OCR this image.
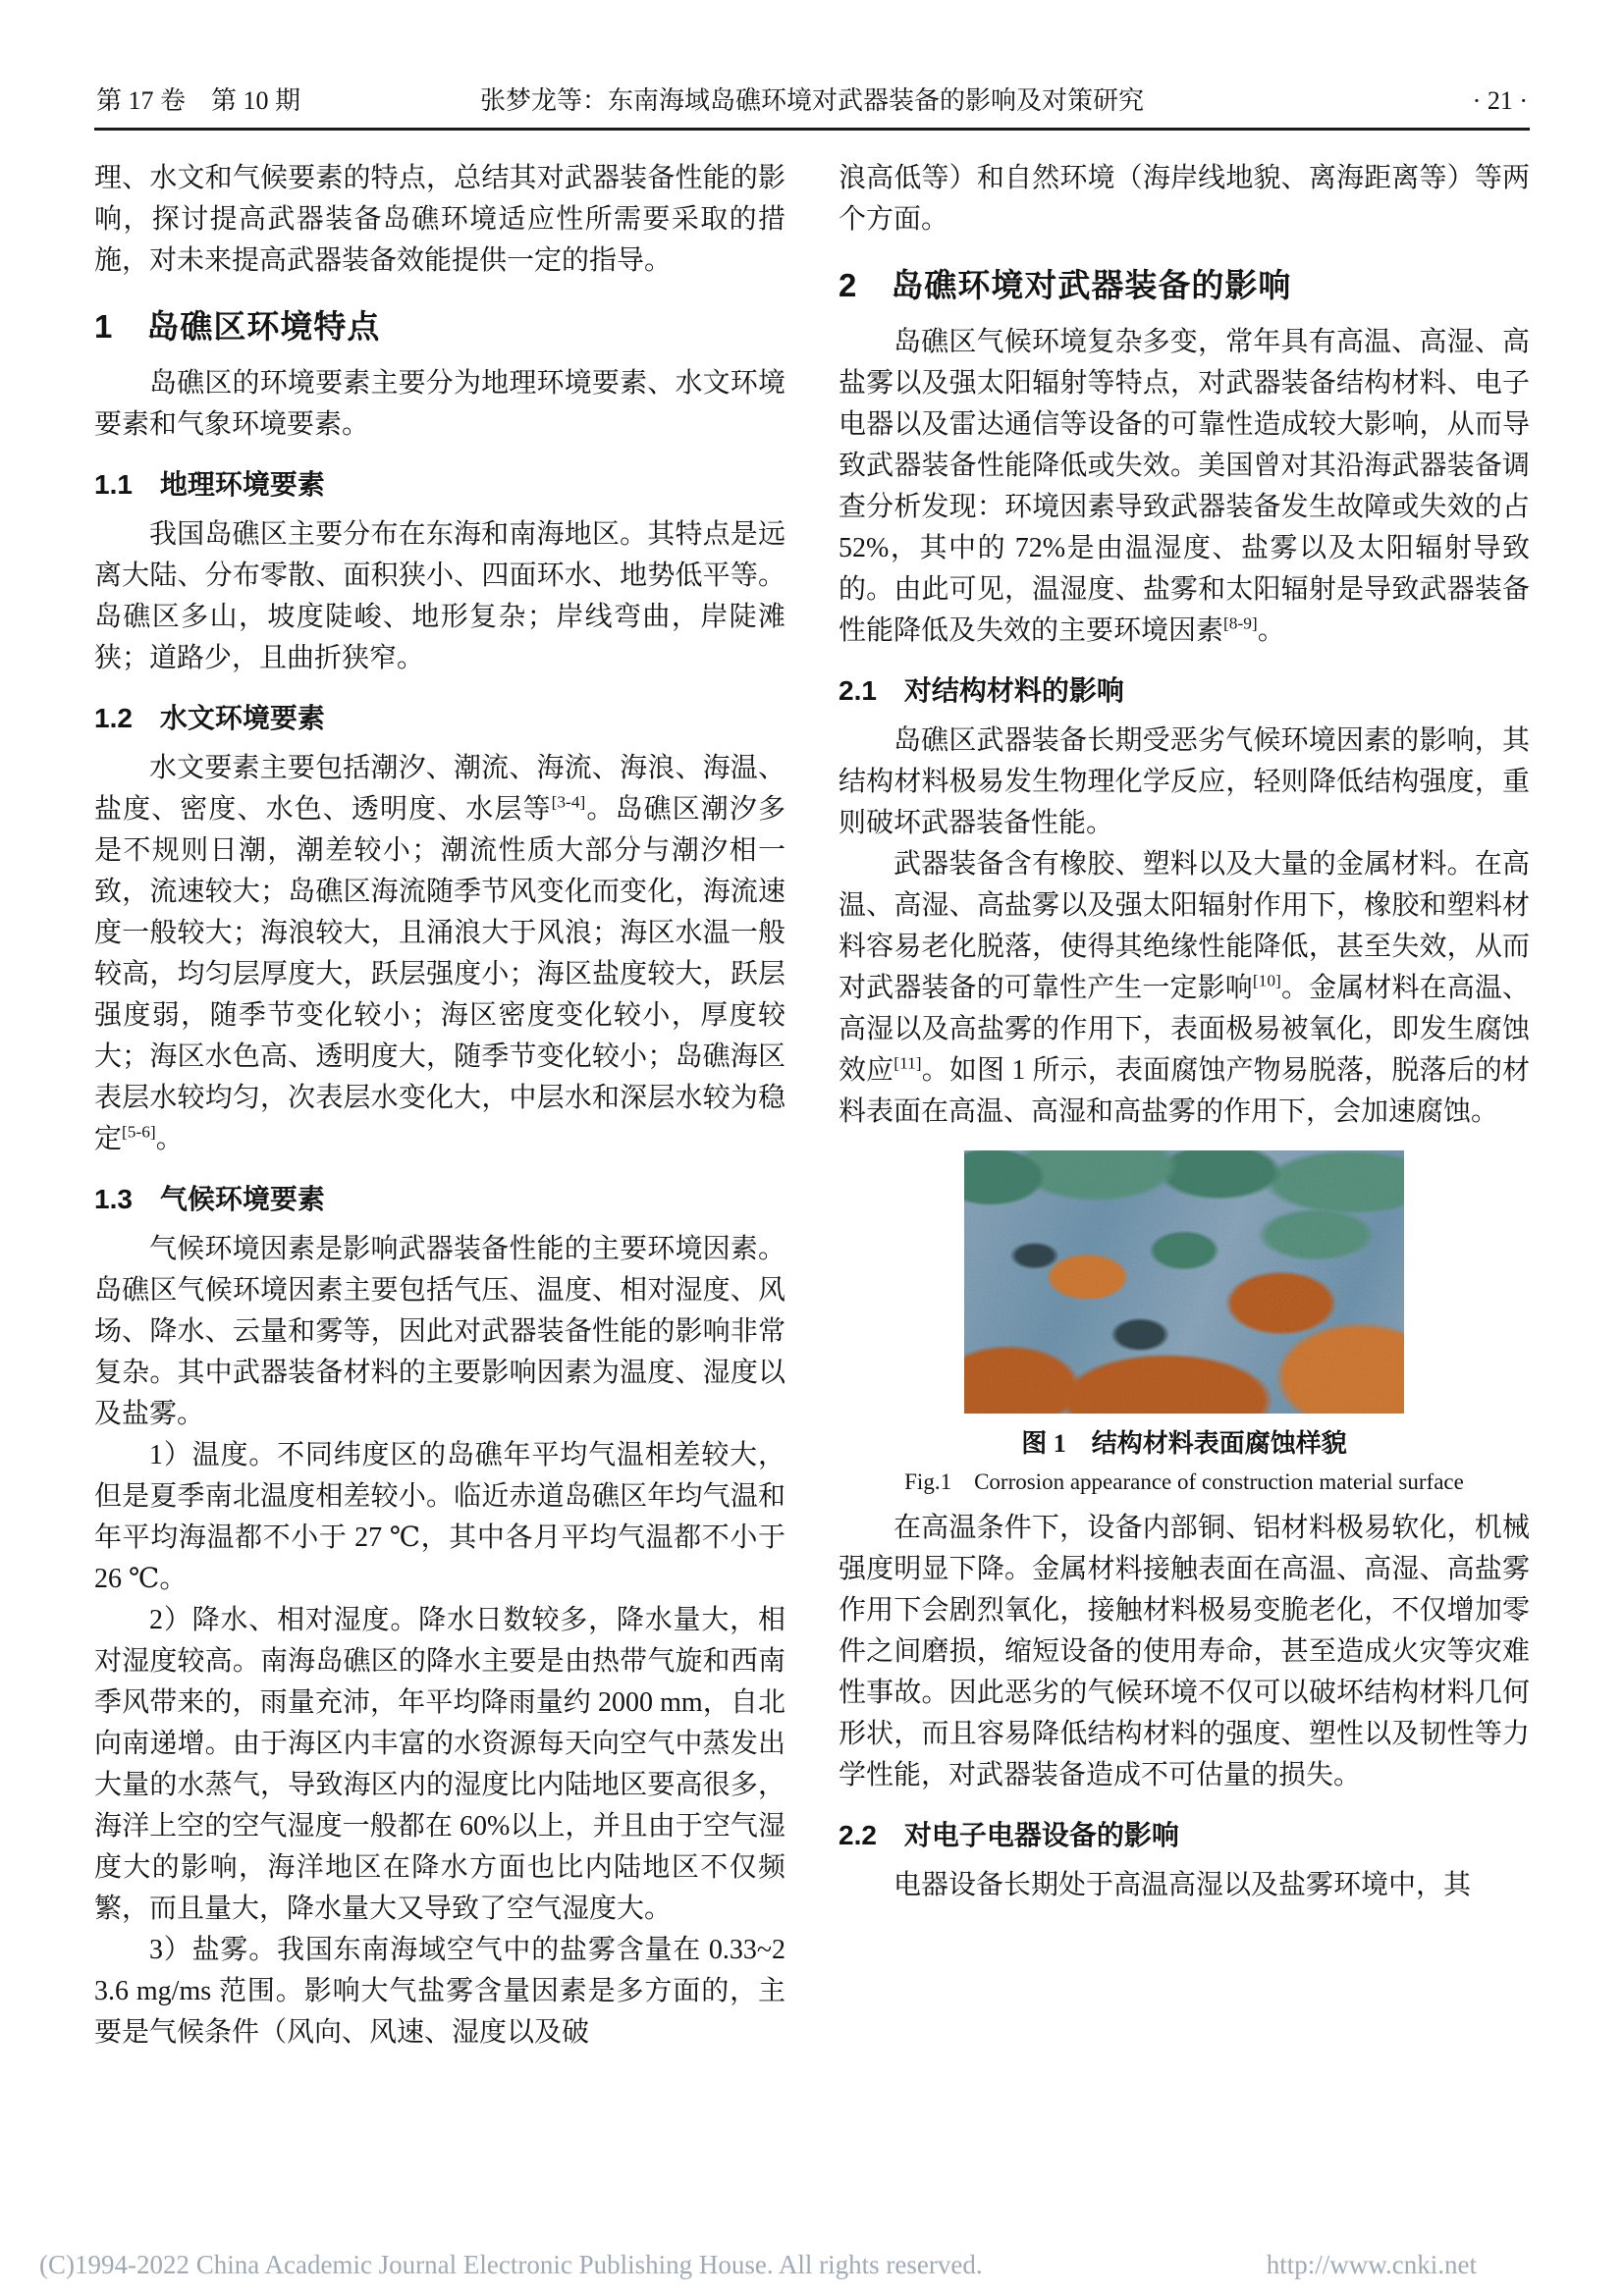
第 17 卷　第 10 期	张梦龙等：东南海域岛礁环境对武器装备的影响及对策研究	· 21 ·

理、水文和气候要素的特点，总结其对武器装备性能的影响，探讨提高武器装备岛礁环境适应性所需要采取的措施，对未来提高武器装备效能提供一定的指导。

1　岛礁区环境特点

岛礁区的环境要素主要分为地理环境要素、水文环境要素和气象环境要素。

1.1　地理环境要素

我国岛礁区主要分布在东海和南海地区。其特点是远离大陆、分布零散、面积狭小、四面环水、地势低平等。岛礁区多山，坡度陡峻、地形复杂；岸线弯曲，岸陡滩狭；道路少，且曲折狭窄。

1.2　水文环境要素

水文要素主要包括潮汐、潮流、海流、海浪、海温、盐度、密度、水色、透明度、水层等[3-4]。岛礁区潮汐多是不规则日潮，潮差较小；潮流性质大部分与潮汐相一致，流速较大；岛礁区海流随季节风变化而变化，海流速度一般较大；海浪较大，且涌浪大于风浪；海区水温一般较高，均匀层厚度大，跃层强度小；海区盐度较大，跃层强度弱，随季节变化较小；海区密度变化较小，厚度较大；海区水色高、透明度大，随季节变化较小；岛礁海区表层水较均匀，次表层水变化大，中层水和深层水较为稳定[5-6]。

1.3　气候环境要素

气候环境因素是影响武器装备性能的主要环境因素。岛礁区气候环境因素主要包括气压、温度、相对湿度、风场、降水、云量和雾等，因此对武器装备性能的影响非常复杂。其中武器装备材料的主要影响因素为温度、湿度以及盐雾。

1）温度。不同纬度区的岛礁年平均气温相差较大，但是夏季南北温度相差较小。临近赤道岛礁区年均气温和年平均海温都不小于 27 ℃，其中各月平均气温都不小于 26 ℃。

2）降水、相对湿度。降水日数较多，降水量大，相对湿度较高。南海岛礁区的降水主要是由热带气旋和西南季风带来的，雨量充沛，年平均降雨量约 2000 mm，自北向南递增。由于海区内丰富的水资源每天向空气中蒸发出大量的水蒸气，导致海区内的湿度比内陆地区要高很多，海洋上空的空气湿度一般都在 60%以上，并且由于空气湿度大的影响，海洋地区在降水方面也比内陆地区不仅频繁，而且量大，降水量大又导致了空气湿度大。

3）盐雾。我国东南海域空气中的盐雾含量在 0.33~23.6 mg/ms 范围。影响大气盐雾含量因素是多方面的，主要是气候条件（风向、风速、湿度以及破

浪高低等）和自然环境（海岸线地貌、离海距离等）等两个方面。

2　岛礁环境对武器装备的影响

岛礁区气候环境复杂多变，常年具有高温、高湿、高盐雾以及强太阳辐射等特点，对武器装备结构材料、电子电器以及雷达通信等设备的可靠性造成较大影响，从而导致武器装备性能降低或失效。美国曾对其沿海武器装备调查分析发现：环境因素导致武器装备发生故障或失效的占 52%，其中的 72%是由温湿度、盐雾以及太阳辐射导致的。由此可见，温湿度、盐雾和太阳辐射是导致武器装备性能降低及失效的主要环境因素[8-9]。

2.1　对结构材料的影响

岛礁区武器装备长期受恶劣气候环境因素的影响，其结构材料极易发生物理化学反应，轻则降低结构强度，重则破坏武器装备性能。

武器装备含有橡胶、塑料以及大量的金属材料。在高温、高湿、高盐雾以及强太阳辐射作用下，橡胶和塑料材料容易老化脱落，使得其绝缘性能降低，甚至失效，从而对武器装备的可靠性产生一定影响[10]。金属材料在高温、高湿以及高盐雾的作用下，表面极易被氧化，即发生腐蚀效应[11]。如图 1 所示，表面腐蚀产物易脱落，脱落后的材料表面在高温、高湿和高盐雾的作用下，会加速腐蚀。

图 1　结构材料表面腐蚀样貌
Fig.1　Corrosion appearance of construction material surface

在高温条件下，设备内部铜、铝材料极易软化，机械强度明显下降。金属材料接触表面在高温、高湿、高盐雾作用下会剧烈氧化，接触材料极易变脆老化，不仅增加零件之间磨损，缩短设备的使用寿命，甚至造成火灾等灾难性事故。因此恶劣的气候环境不仅可以破坏结构材料几何形状，而且容易降低结构材料的强度、塑性以及韧性等力学性能，对武器装备造成不可估量的损失。

2.2　对电子电器设备的影响

电器设备长期处于高温高湿以及盐雾环境中，其

(C)1994-2022 China Academic Journal Electronic Publishing House. All rights reserved.	http://www.cnki.net
